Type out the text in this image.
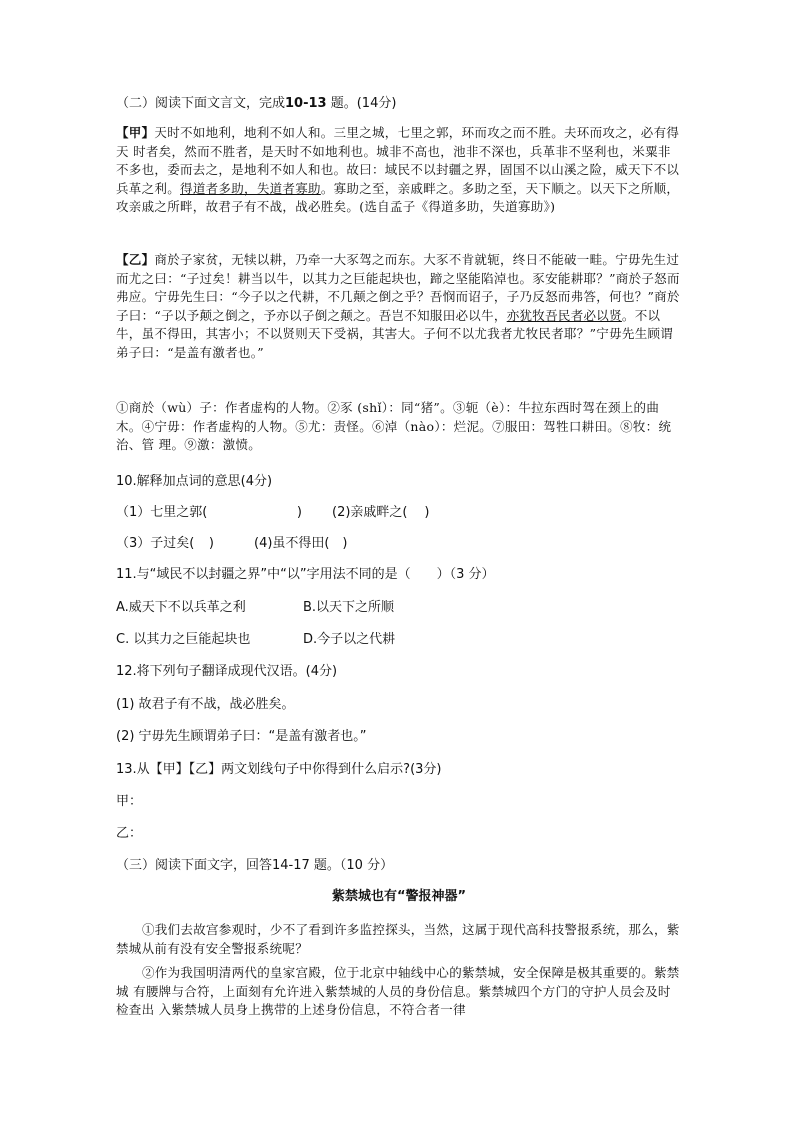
（二）阅读下面文言文，完成10-13 题。(14分)
【甲】天时不如地利，地利不如人和。三里之城，七里之郭，环而攻之而不胜。夫环而攻之，必有得天 时者矣，然而不胜者，是天时不如地利也。城非不高也，池非不深也，兵革非不坚利也，米粟非不多也，委而去之，是地利不如人和也。故曰：域民不以封疆之界，固国不以山溪之险，威天下不以兵革之利。得道者多助，失道者寡助。寡助之至，亲戚畔之。多助之至，天下顺之。以天下之所顺，攻亲戚之所畔，故君子有不战，战必胜矣。(选自孟子《得道多助，失道寡助》)
【乙】商於子家贫，无犊以耕，乃牵一大豕驾之而东。大豕不肯就轭，终日不能破一畦。宁毋先生过 而尤之曰：“子过矣！耕当以牛，以其力之巨能起块也，蹄之坚能陷淖也。豕安能耕耶？”商於子怒而弗应。宁毋先生曰：“今子以之代耕，不几颠之倒之乎？吾悯而诏子，子乃反怒而弗答，何也？”商於子曰：“子以予颠之倒之，予亦以子倒之颠之。吾岂不知服田必以牛，亦犹牧吾民者必以贤。不以牛，虽不得田，其害小；不以贤则天下受祸，其害大。子何不以尤我者尤牧民者耶？”宁毋先生顾谓弟子曰：“是盖有激者也。”
①商於（wù）子：作者虚构的人物。②豕 (shǐ）：同“猪”。③轭（è）：牛拉东西时驾在颈上的曲木。④宁毋：作者虚构的人物。⑤尤：责怪。⑥淖（nào）：烂泥。⑦服田：驾牲口耕田。⑧牧：统治、管 理。⑨激：激愤。
10.解释加点词的意思(4分)
（1）七里之郭(	) (2)亲戚畔之( )
（3）子过矣( )	(4)虽不得田( )
11.与“域民不以封疆之界”中“以”字用法不同的是（　　）（3 分）
A.威天下不以兵革之利	B.以天下之所顺
C. 以其力之巨能起块也	D.今子以之代耕
12.将下列句子翻译成现代汉语。(4分)
(1) 故君子有不战，战必胜矣。
(2) 宁毋先生顾谓弟子曰：“是盖有激者也。”
13.从【甲】【乙】两文划线句子中你得到什么启示?(3分)
甲：
乙：
（三）阅读下面文字，回答14-17 题。（10 分）
紫禁城也有“警报神器”
①我们去故宫参观时，少不了看到许多监控探头，当然，这属于现代高科技警报系统，那么，紫禁城从前有没有安全警报系统呢？
②作为我国明清两代的皇家宫殿，位于北京中轴线中心的紫禁城，安全保障是极其重要的。紫禁城 有腰牌与合符，上面刻有允许进入紫禁城的人员的身份信息。紫禁城四个方门的守护人员会及时检查出 入紫禁城人员身上携带的上述身份信息，不符合者一律
